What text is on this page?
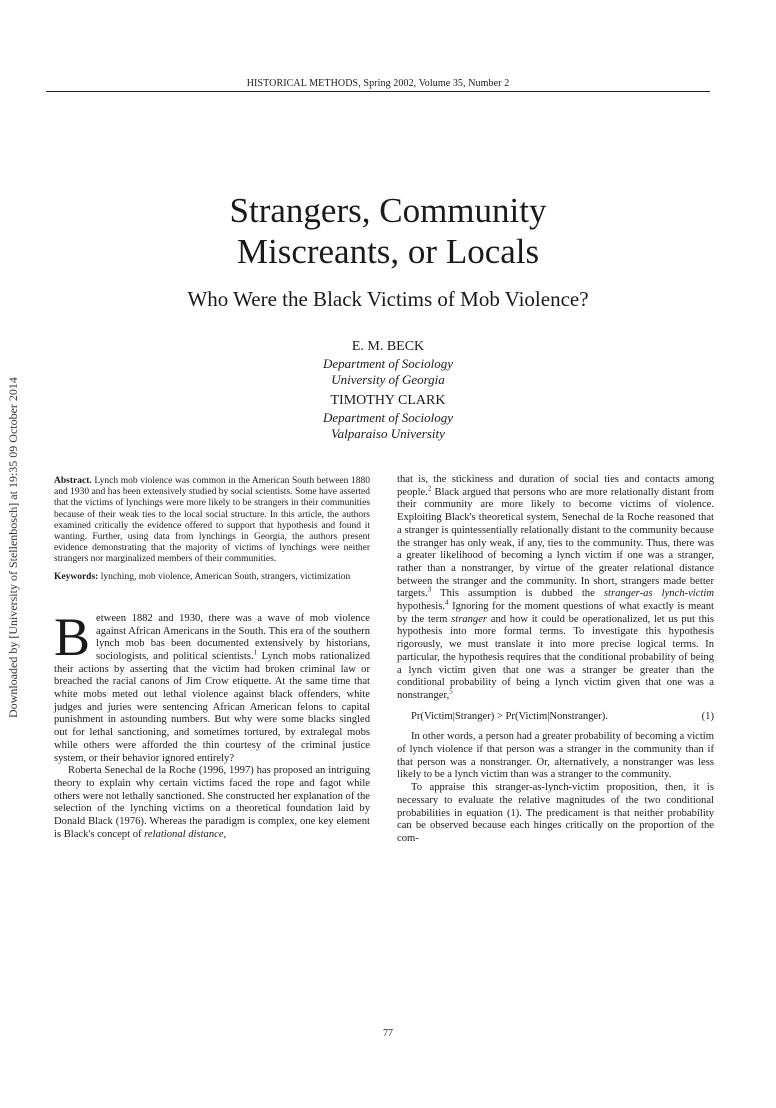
HISTORICAL METHODS, Spring 2002, Volume 35, Number 2
Downloaded by [University of Stellenbosch] at 19:35 09 October 2014
Strangers, Community
Miscreants, or Locals
Who Were the Black Victims of Mob Violence?
E. M. BECK
Department of Sociology
University of Georgia
TIMOTHY CLARK
Department of Sociology
Valparaiso University

Abstract. Lynch mob violence was common in the American South between 1880 and 1930 and has been extensively studied by social scientists. Some have asserted that the victims of lynchings were more likely to be strangers in their communities because of their weak ties to the local social structure. In this article, the authors examined critically the evidence offered to support that hypothesis and found it wanting. Further, using data from lynchings in Georgia, the authors present evidence demonstrating that the majority of victims of lynchings were neither strangers nor marginalized members of their communities.

Keywords: lynching, mob violence, American South, strangers, victimization

Between 1882 and 1930, there was a wave of mob violence against African Americans in the South. This era of the southern lynch mob bas been documented extensively by historians, sociologists, and political scientists.$^1$ Lynch mobs rationalized their actions by asserting that the victim had broken criminal law or breached the racial canons of Jim Crow etiquette. At the same time that white mobs meted out lethal violence against black offenders, white judges and juries were sentencing African American felons to capital punishment in astounding numbers. But why were some blacks singled out for lethal sanctioning, and sometimes tortured, by extralegal mobs while others were afforded the thin courtesy of the criminal justice system, or their behavior ignored entirely?

Roberta Senechal de la Roche (1996, 1997) has proposed an intriguing theory to explain why certain victims faced the rope and fagot while others were not lethally sanctioned. She constructed her explanation of the selection of the lynching victims on a theoretical foundation laid by Donald Black (1976). Whereas the paradigm is complex, one key element is Black's concept of relational distance,

that is, the stickiness and duration of social ties and contacts among people.$^2$ Black argued that persons who are more relationally distant from their community are more likely to become victims of violence. Exploiting Black's theoretical system, Senechal de la Roche reasoned that a stranger is quintessentially relationally distant to the community because the stranger has only weak, if any, ties to the community. Thus, there was a greater likelihood of becoming a lynch victim if one was a stranger, rather than a nonstranger, by virtue of the greater relational distance between the stranger and the community. In short, strangers made better targets.$^3$ This assumption is dubbed the stranger-as lynch-victim hypothesis.$^4$ Ignoring for the moment questions of what exactly is meant by the term stranger and how it could be operationalized, let us put this hypothesis into more formal terms. To investigate this hypothesis rigorously, we must translate it into more precise logical terms. In particular, the hypothesis requires that the conditional probability of being a lynch victim given that one was a stranger be greater than the conditional probability of being a lynch victim given that one was a nonstranger,$^5$

Pr(Victim|Stranger) > Pr(Victim|Nonstranger).	(1)

In other words, a person had a greater probability of becoming a victim of lynch violence if that person was a stranger in the community than if that person was a nonstranger. Or, alternatively, a nonstranger was less likely to be a lynch victim than was a stranger to the community.

To appraise this stranger-as-lynch-victim proposition, then, it is necessary to evaluate the relative magnitudes of the two conditional probabilities in equation (1). The predicament is that neither probability can be observed because each hinges critically on the proportion of the com-

77
